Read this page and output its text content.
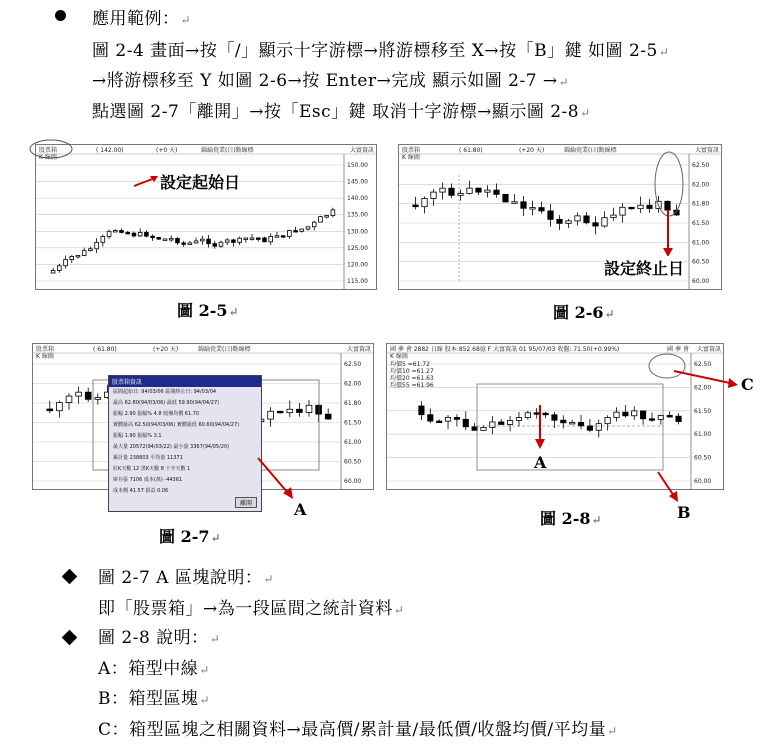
應用範例：↵
圖 2-4 畫面→按「/」顯示十字游標→將游標移至 X→按「B」鍵 如圖 2-5↵
→將游標移至 Y 如圖 2-6→按 Enter→完成 顯示如圖 2-7 →↵
點選圖 2-7「離開」→按「Esc」鍵 取消十字游標→顯示圖 2-8↵
股票箱	( 142.00)	(+0 天)	錦綸瓷業(日)點線標	大富資訊
K 線圖
150.00
145.00
140.00
135.00
130.00
125.00
120.00
115.00
設定起始日
圖 2-5↵
股票箱	( 61.80)	(+20 天)	錦綸瓷業(日)點線標	大富資訊
K 線圖
62.50
62.00
61.80
61.50
61.00
60.50
60.00
設定終止日
圖 2-6↵
股票箱	( 61.80)	(+20 天)	錦綸瓷業(日)點線標	大富資訊
K 線圖
62.50
62.00
61.80
61.50
61.00
60.50
60.00
股票箱資訊
區間起始日: 94/03/06 區間終止日: 94/03/04
最高 62.80(94/03/06) 最低 59.90(94/04/27)
振幅 2.90 振幅% 4.8 收盤均價 61.70
實體最高 62.50(94/03/06) 實體最低 60.60(94/04/27)
振幅 1.90 振幅% 3.1
最大量 20572(94/03/22) 最小量 3367(94/05/20)
累計量 238803 平均量 11371
紅K天數 12 黑K天數 8 十字天數 1
庫存張 7106 成本(萬) -44361
成本價 41.57 損益 0.06
離開	A
圖 2-7↵
國 夢 會 2882 日線 股本:852.68億 F 大富資訊 01 95/07/03 收盤: 71.50(+0.99%)	國 夢 會 大富資訊
K 線圖
62.50
62.00
61.50
61.00
60.50
60.00
均價5 =61.72
均價10 =61.27
均價20 =61.63
均價55 =61.96
A
B
C
圖 2-8↵
圖 2-7 A 區塊說明：↵
即「股票箱」→為一段區間之統計資料↵
圖 2-8 說明：↵
A：箱型中線↵
B：箱型區塊↵
C：箱型區塊之相關資料→最高價/累計量/最低價/收盤均價/平均量↵
